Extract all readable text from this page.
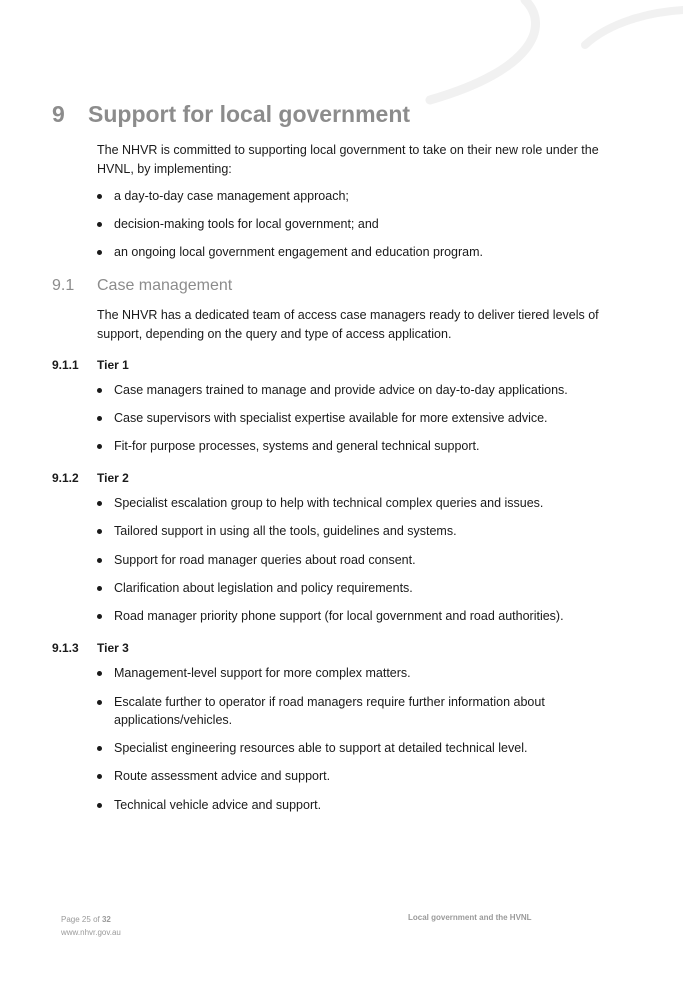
9 Support for local government

The NHVR is committed to supporting local government to take on their new role under the HVNL, by implementing:

a day-to-day case management approach;
decision-making tools for local government; and
an ongoing local government engagement and education program.
9.1 Case management

The NHVR has a dedicated team of access case managers ready to deliver tiered levels of support, depending on the query and type of access application.

9.1.1 Tier 1
Case managers trained to manage and provide advice on day-to-day applications.
Case supervisors with specialist expertise available for more extensive advice.
Fit-for purpose processes, systems and general technical support.
9.1.2 Tier 2
Specialist escalation group to help with technical complex queries and issues.
Tailored support in using all the tools, guidelines and systems.
Support for road manager queries about road consent.
Clarification about legislation and policy requirements.
Road manager priority phone support (for local government and road authorities).
9.1.3 Tier 3
Management-level support for more complex matters.
Escalate further to operator if road managers require further information about applications/vehicles.
Specialist engineering resources able to support at detailed technical level.
Route assessment advice and support.
Technical vehicle advice and support.
Page 25 of 32
www.nhvr.gov.au
Local government and the HVNL
